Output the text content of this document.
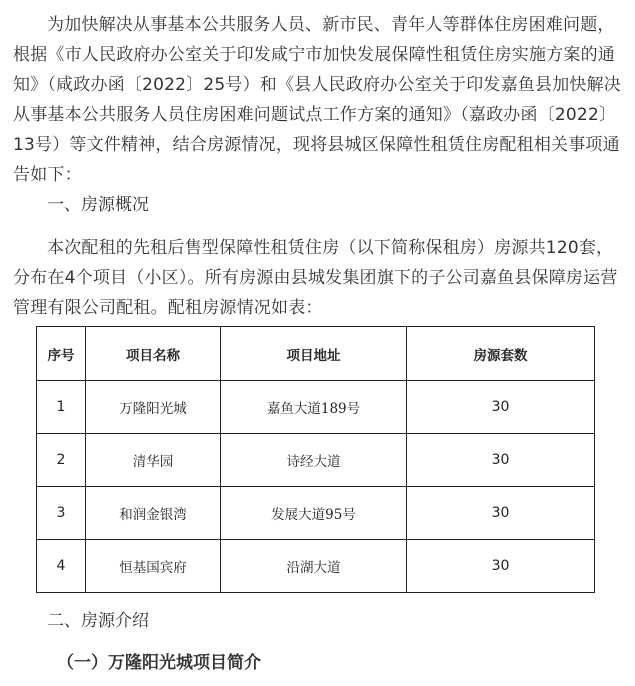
为加快解决从事基本公共服务人员、新市民、青年人等群体住房困难问题，根据《市人民政府办公室关于印发咸宁市加快发展保障性租赁住房实施方案的通知》（咸政办函〔2022〕25号）和《县人民政府办公室关于印发嘉鱼县加快解决从事基本公共服务人员住房困难问题试点工作方案的通知》（嘉政办函〔2022〕13号）等文件精神，结合房源情况，现将县城区保障性租赁住房配租相关事项通告如下：

一、房源概况

本次配租的先租后售型保障性租赁住房（以下简称保租房）房源共120套，分布在4个项目（小区）。所有房源由县城发集团旗下的子公司嘉鱼县保障房运营管理有限公司配租。配租房源情况如表：

序号	项目名称	项目地址	房源套数
1	万隆阳光城	嘉鱼大道189号	30
2	清华园	诗经大道	30
3	和润金银湾	发展大道95号	30
4	恒基国宾府	沿湖大道	30

二、房源介绍

（一）万隆阳光城项目简介
